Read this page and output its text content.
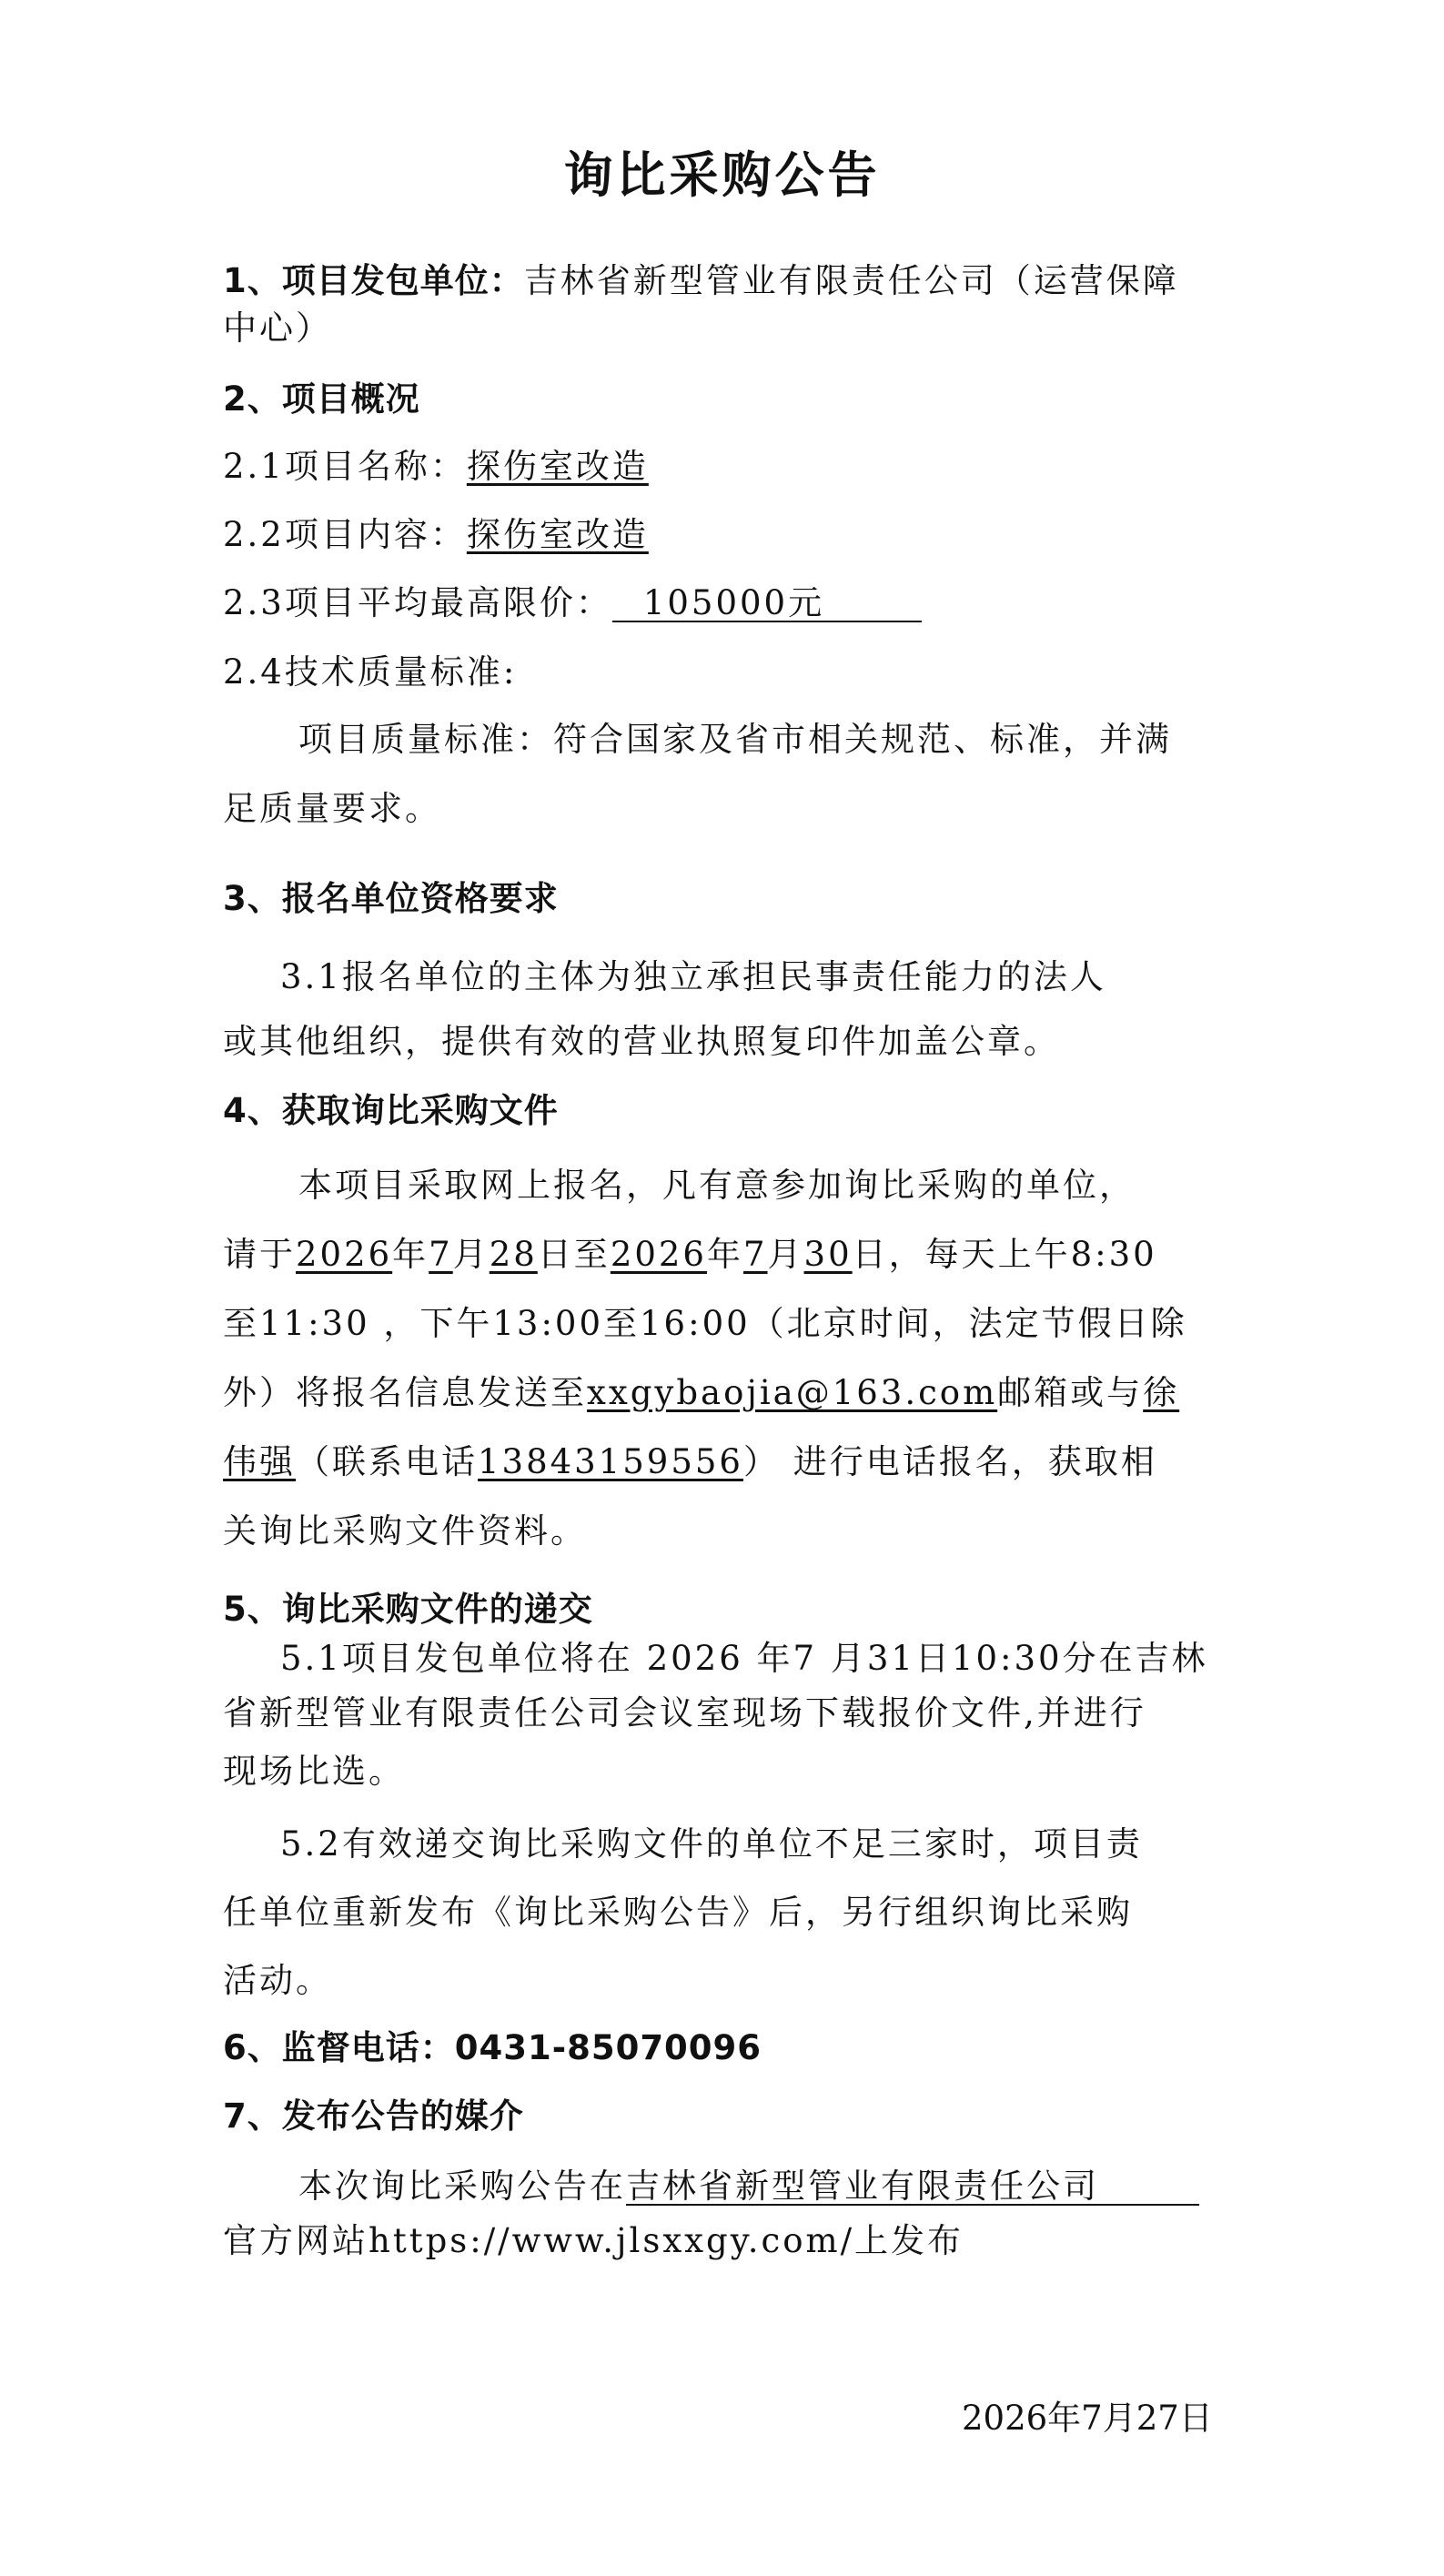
询比采购公告
1、项目发包单位：吉林省新型管业有限责任公司（运营保障
中心）
2、项目概况
2.1项目名称：探伤室改造
2.2项目内容：探伤室改造
2.3项目平均最高限价： 105000元
2.4技术质量标准:
项目质量标准：符合国家及省市相关规范、标准，并满
足质量要求。
3、报名单位资格要求
3.1报名单位的主体为独立承担民事责任能力的法人
或其他组织，提供有效的营业执照复印件加盖公章。
4、获取询比采购文件
本项目采取网上报名，凡有意参加询比采购的单位，
请于2026年7月28日至2026年7月30日，每天上午8:30
至11:30 ，下午13:00至16:00（北京时间，法定节假日除
外）将报名信息发送至xxgybaojia@163.com邮箱或与徐
伟强（联系电话13843159556） 进行电话报名，获取相
关询比采购文件资料。
5、询比采购文件的递交
5.1项目发包单位将在 2026 年7 月31日10:30分在吉林
省新型管业有限责任公司会议室现场下载报价文件,并进行
现场比选。
5.2有效递交询比采购文件的单位不足三家时，项目责
任单位重新发布《询比采购公告》后，另行组织询比采购
活动。
6、监督电话：0431-85070096
7、发布公告的媒介
本次询比采购公告在吉林省新型管业有限责任公司
官方网站https://www.jlsxxgy.com/上发布
2026年7月27日
